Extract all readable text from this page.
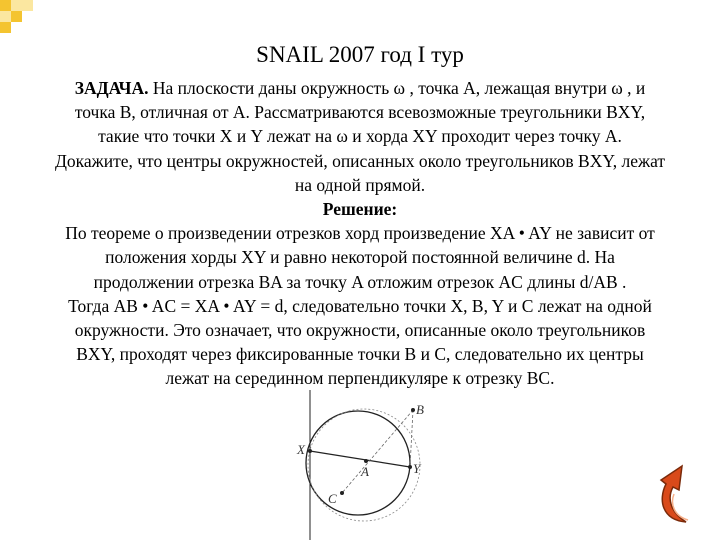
SNAIL 2007 год I тур
ЗАДАЧА. На плоскости даны окружность ω , точка A, лежащая внутри ω , и
точка B, отличная от A. Рассматриваются всевозможные треугольники BXY,
такие что точки X и Y лежат на ω и хорда XY проходит через точку A.
Докажите, что центры окружностей, описанных около треугольников BXY, лежат
на одной прямой.
Решение:
По теореме о произведении отрезков хорд произведение XA • AY не зависит от
положения хорды XY и равно некоторой постоянной величине d. На
продолжении отрезка BA за точку A отложим отрезок AC длины d/AB .
Тогда AB • AC = XA • AY = d, следовательно точки X, B, Y и C лежат на одной
окружности. Это означает, что окружности, описанные около треугольников
BXY, проходят через фиксированные точки B и C, следовательно их центры
лежат на серединном перпендикуляре к отрезку BC.
B
X
A	Y
C
